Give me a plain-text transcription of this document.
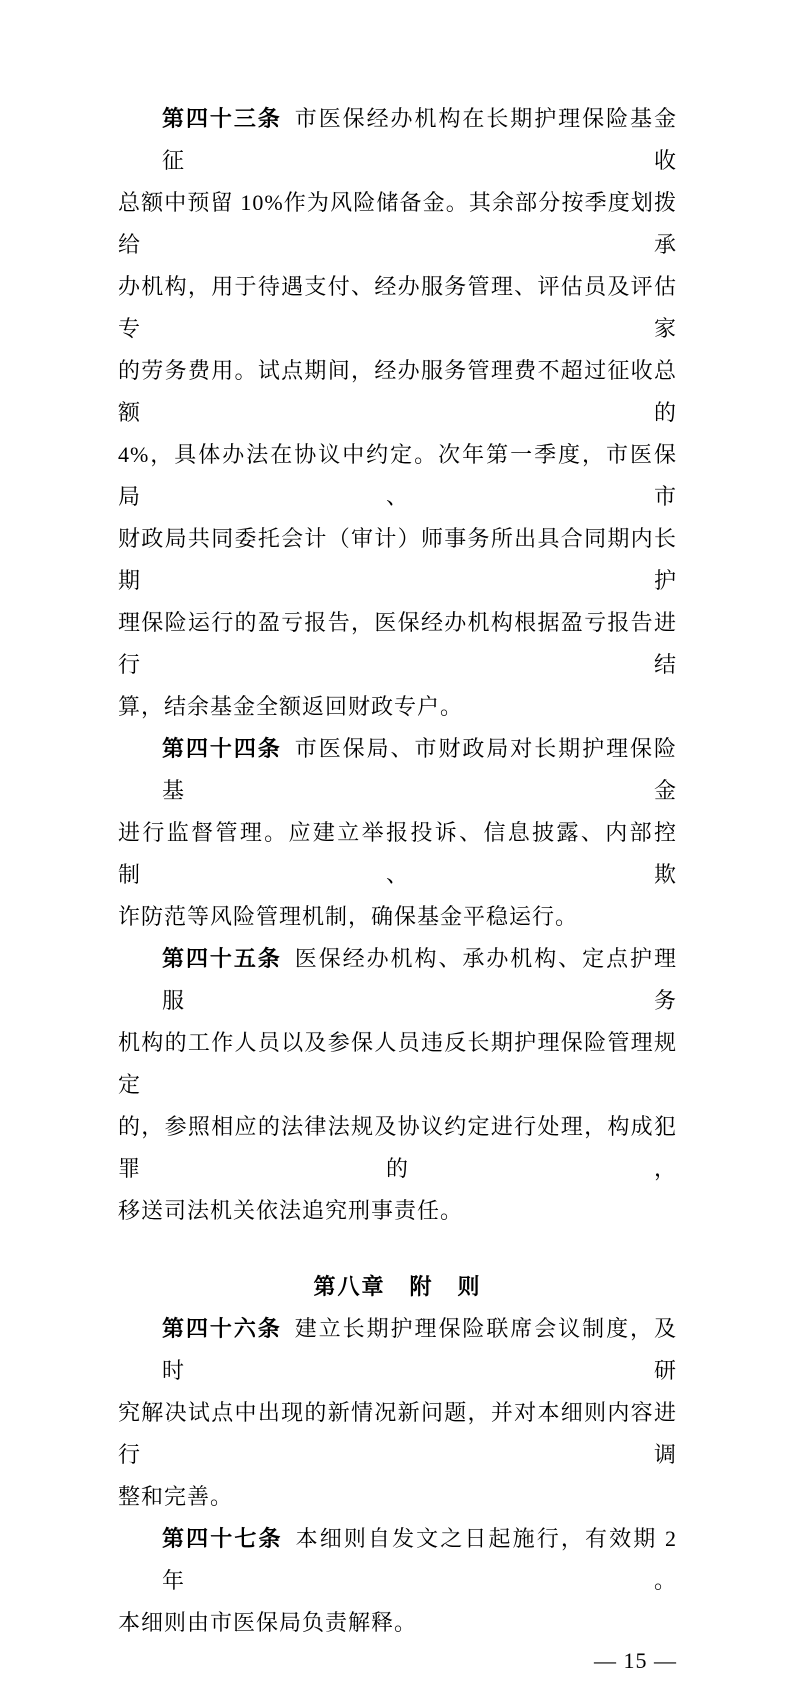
第四十三条 市医保经办机构在长期护理保险基金征收
总额中预留 10%作为风险储备金。其余部分按季度划拨给承
办机构，用于待遇支付、经办服务管理、评估员及评估专家
的劳务费用。试点期间，经办服务管理费不超过征收总额的
4%，具体办法在协议中约定。次年第一季度，市医保局、市
财政局共同委托会计（审计）师事务所出具合同期内长期护
理保险运行的盈亏报告，医保经办机构根据盈亏报告进行结
算，结余基金全额返回财政专户。
第四十四条 市医保局、市财政局对长期护理保险基金
进行监督管理。应建立举报投诉、信息披露、内部控制、欺
诈防范等风险管理机制，确保基金平稳运行。
第四十五条 医保经办机构、承办机构、定点护理服务
机构的工作人员以及参保人员违反长期护理保险管理规定
的，参照相应的法律法规及协议约定进行处理，构成犯罪的，
移送司法机关依法追究刑事责任。
第八章　附　则
第四十六条 建立长期护理保险联席会议制度，及时研
究解决试点中出现的新情况新问题，并对本细则内容进行调
整和完善。
第四十七条 本细则自发文之日起施行，有效期 2 年。
本细则由市医保局负责解释。
— 15 —
